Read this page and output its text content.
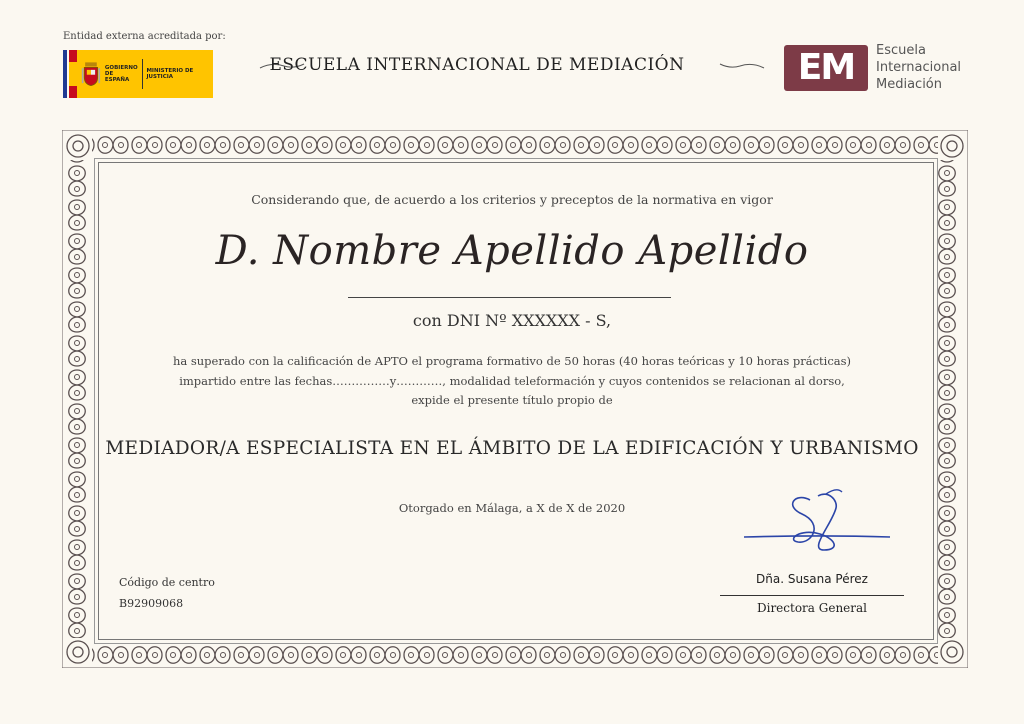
Entidad externa acreditada por:
GOBIERNO DE ESPAÑA
MINISTERIO DE JUSTICIA
ESCUELA INTERNACIONAL DE MEDIACIÓN	EM	Escuela
Internacional
Mediación
Considerando que, de acuerdo a los criterios y preceptos de la normativa en vigor
D. Nombre Apellido Apellido
con DNI Nº XXXXXX - S,
ha superado con la calificación de APTO el programa formativo de 50 horas (40 horas teóricas y 10 horas prácticas)
impartido entre las fechas……………y…………, modalidad teleformación y cuyos contenidos se relacionan al dorso,
expide el presente título propio de
MEDIADOR/A ESPECIALISTA EN EL ÁMBITO DE LA EDIFICACIÓN Y URBANISMO
Otorgado en Málaga, a X de X de 2020
Código de centro
B92909068
Dña. Susana Pérez
Directora General
